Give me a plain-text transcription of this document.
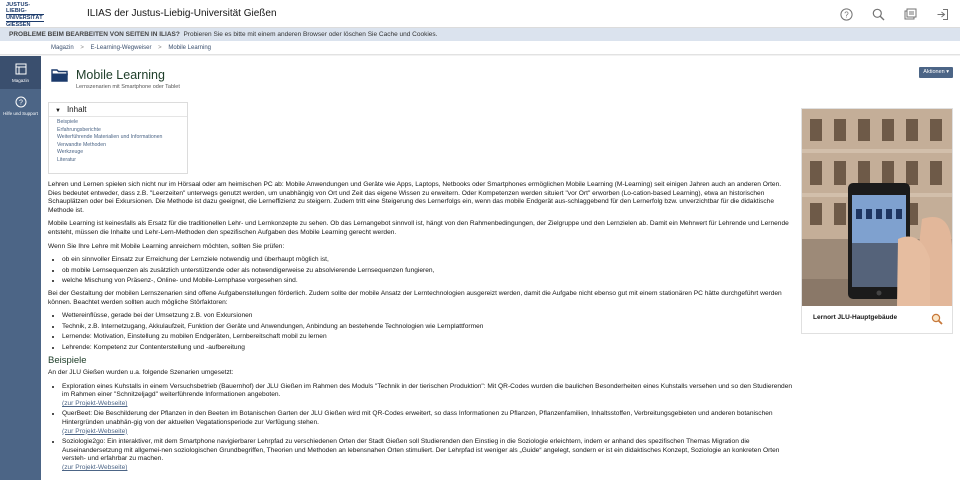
JUSTUS-LIEBIG-
UNIVERSITÄT
GIESSEN
ILIAS der Justus-Liebig-Universität Gießen	?
PROBLEME BEIM BEARBEITEN VON SEITEN IN ILIAS? Probieren Sie es bitte mit einem anderen Browser oder löschen Sie Cache und Cookies.
Magazin > E-Learning-Wegweiser > Mobile Learning
Magazin
?
Hilfe und Support
Mobile Learning
Lernszenarien mit Smartphone oder Tablet
Aktionen ▾
▼ Inhalt
Beispiele
Erfahrungsberichte
Weiterführende Materialien und Informationen
Verwandte Methoden
Werkzeuge
Literatur

Lehren und Lernen spielen sich nicht nur im Hörsaal oder am heimischen PC ab: Mobile Anwendungen und Geräte wie Apps, Laptops, Netbooks oder Smartphones ermöglichen Mobile Learning (M-Learning) seit einigen Jahren auch an anderen Orten. Dies bedeutet entweder, dass z.B. "Leerzeiten" unterwegs genutzt werden, um unabhängig von Ort und Zeit das eigene Wissen zu erweitern. Oder Kompetenzen werden situiert "vor Ort" erworben (Lo-cation-based Learning), etwa an historischen Schauplätzen oder bei Exkursionen. Die Methode ist dazu geeignet, die Lerneffizienz zu steigern. Zudem tritt eine Steigerung des Lernerfolgs ein, wenn das mobile Endgerät aus-schlaggebend für den Lernerfolg bzw. unverzichtbar für die didaktische Methode ist.

Mobile Learning ist keinesfalls als Ersatz für die traditionellen Lehr- und Lernkonzepte zu sehen. Ob das Lernangebot sinnvoll ist, hängt von den Rahmenbedingungen, der Zielgruppe und den Lernzielen ab. Damit ein Mehrwert für Lehrende und Lernende entsteht, müssen die Inhalte und Lehr-Lern-Methoden den spezifischen Aufgaben des Mobile Learning gerecht werden.

Wenn Sie Ihre Lehre mit Mobile Learning anreichern möchten, sollten Sie prüfen:

• ob ein sinnvoller Einsatz zur Erreichung der Lernziele notwendig und überhaupt möglich ist,
• ob mobile Lernsequenzen als zusätzlich unterstützende oder als notwendigerweise zu absolvierende Lernsequenzen fungieren,
• welche Mischung von Präsenz-, Online- und Mobile-Lernphase vorgesehen sind.

Bei der Gestaltung der mobilen Lernszenarien sind offene Aufgabenstellungen förderlich. Zudem sollte der mobile Ansatz der Lerntechnologien ausgereizt werden, damit die Aufgabe nicht ebenso gut mit einem stationären PC hätte durchgeführt werden können. Beachtet werden sollten auch mögliche Störfaktoren:

• Wettereinflüsse, gerade bei der Umsetzung z.B. von Exkursionen
• Technik, z.B. Internetzugang, Akkulaufzeit, Funktion der Geräte und Anwendungen, Anbindung an bestehende Technologien wie Lernplattformen
• Lernende: Motivation, Einstellung zu mobilen Endgeräten, Lernbereitschaft mobil zu lernen
• Lehrende: Kompetenz zur Contenterstellung und -aufbereitung
Beispiele

An der JLU Gießen wurden u.a. folgende Szenarien umgesetzt:

• Exploration eines Kuhstalls in einem Versuchsbetrieb (Bauernhof) der JLU Gießen im Rahmen des Moduls "Technik in der tierischen Produktion": Mit QR-Codes wurden die baulichen Besonderheiten eines Kuhstalls versehen und so den Studierenden im Rahmen einer "Schnitzeljagd" weiterführende Informationen angeboten.
(zur Projekt-Webseite)
• QuerBeet: Die Beschilderung der Pflanzen in den Beeten im Botanischen Garten der JLU Gießen wird mit QR-Codes erweitert, so dass Informationen zu Pflanzen, Pflanzenfamilien, Inhaltsstoffen, Verbreitungsgebieten und anderen botanischen Hintergründen unabhän-gig von der aktuellen Vegatationsperiode zur Verfügung stehen.
(zur Projekt-Webseite)
• Soziologie2go: Ein interaktiver, mit dem Smartphone navigierbarer Lehrpfad zu verschiedenen Orten der Stadt Gießen soll Studierenden den Einstieg in die Soziologie erleichtern, indem er anhand des spezifischen Themas Migration die Auseinandersetzung mit allgemei-nen soziologischen Grundbegriffen, Theorien und Methoden an lebensnahen Orten stimuliert. Der Lehrpfad ist weniger als „Guide“ angelegt, sondern er ist ein didaktisches Konzept, Soziologie an konkreten Orten versteh- und erfahrbar zu machen.
(zur Projekt-Webseite)
Lernort JLU-Hauptgebäude
